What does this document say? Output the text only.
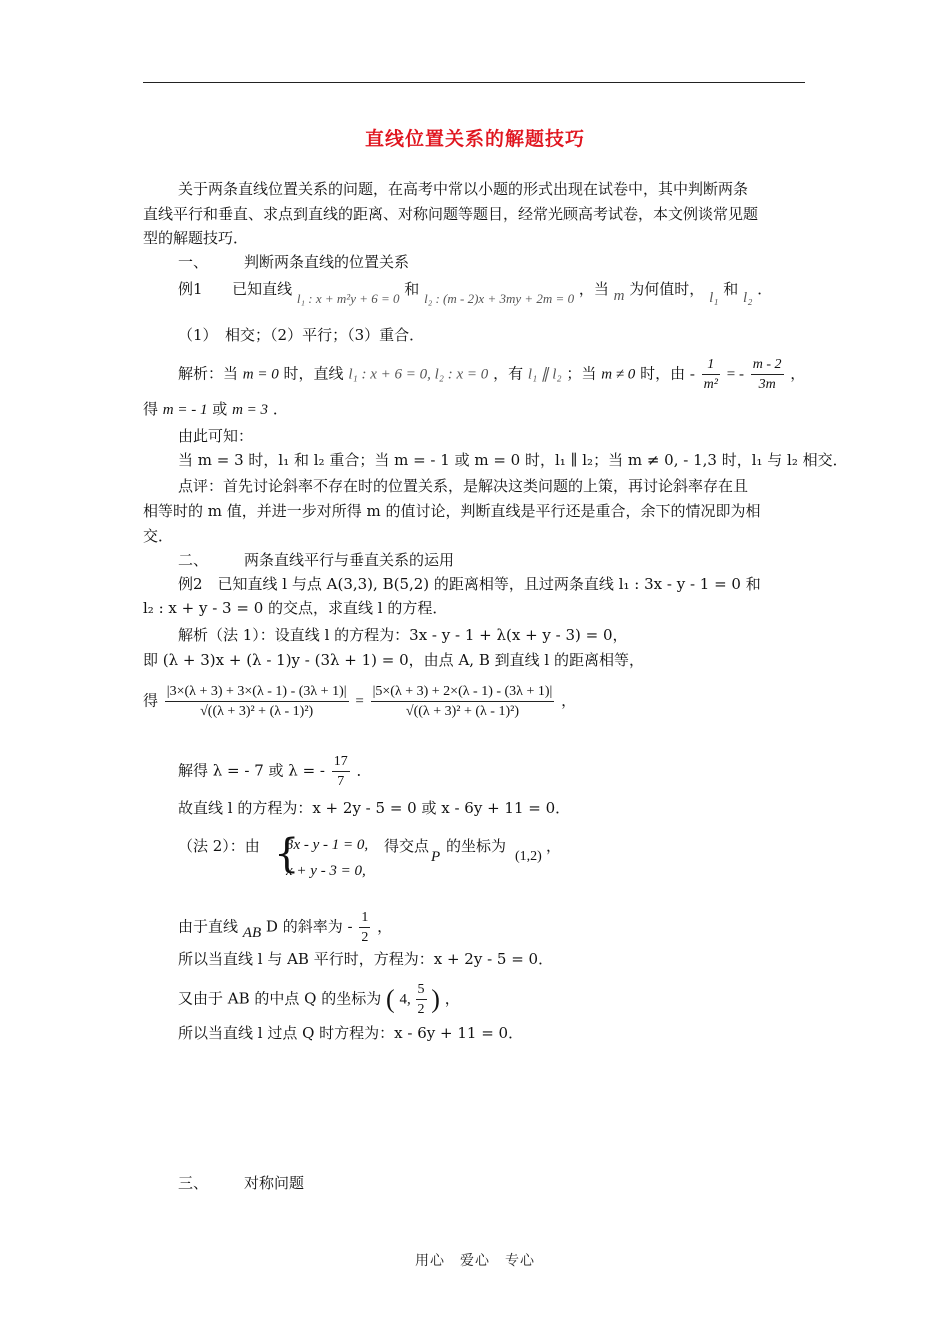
直线位置关系的解题技巧
关于两条直线位置关系的问题，在高考中常以小题的形式出现在试卷中，其中判断两条
直线平行和垂直、求点到直线的距离、对称问题等题目，经常光顾高考试卷，本文例谈常见题
型的解题技巧．
一、 判断两条直线的位置关系
例1 已知直线 l₁ : x + m²y + 6 = 0 和 l₂ : (m - 2)x + 3my + 2m = 0 ，当 m 为何值时， l₁ 和 l₂ ．
（1）　相交；（2）平行；（3）重合．
解析：当 m = 0 时，直线 l₁ : x + 6 = 0, l₂ : x = 0 ，有 l₁ ∥ l₂ ；当 m ≠ 0 时，由 - $\frac{1}{\text{m²}}$ = - $\frac{m - 2}{3m}$ ，
得 m = - 1 或 m = 3 ．
由此可知：
当 m = 3 时，l₁ 和 l₂ 重合；当 m = - 1 或 m = 0 时，l₁ ∥ l₂；当 m ≠ 0, - 1,3 时，l₁ 与 l₂ 相交．
点评：首先讨论斜率不存在时的位置关系，是解决这类问题的上策，再讨论斜率存在且
相等时的 m 值，并进一步对所得 m 的值讨论，判断直线是平行还是重合，余下的情况即为相
交．
二、 两条直线平行与垂直关系的运用
例2　已知直线 l 与点 A(3,3), B(5,2) 的距离相等，且过两条直线 l₁ : 3x - y - 1 = 0 和
l₂ : x + y - 3 = 0 的交点，求直线 l 的方程．
解析（法 1）：设直线 l 的方程为：3x - y - 1 + λ(x + y - 3) = 0，
即 (λ + 3)x + (λ - 1)y - (3λ + 1) = 0，由点 A, B 到直线 l 的距离相等，
得 $\frac{|3\times(\lambda + 3) + 3\times(\lambda - 1) - (3\lambda + 1)|}{\text{√((λ + 3)² + (λ - 1)²)}} = \frac{|5\times(\lambda + 3) + 2\times(\lambda - 1) - (3\lambda + 1)|}{\text{√((λ + 3)² + (λ - 1)²)}}$ ，
解得 λ = - 7 或 λ = - $\frac{17}{7}$ ．
故直线 l 的方程为：x + 2y - 5 = 0 或 x - 6y + 11 = 0．
（法 2）：由 {
3x - y - 1 = 0,
x + y - 3 = 0,
得交点
P
的坐标为
(1,2)
，
由于直线 AB D 的斜率为 - $\frac{1}{2}$ ，
所以当直线 l 与 AB 平行时，方程为：x + 2y - 5 = 0．
又由于 AB 的中点 Q 的坐标为 ( 4, $\frac{5}{2}$ ) ，
所以当直线 l 过点 Q 时方程为：x - 6y + 11 = 0．
三、 对称问题
用心　爱心　专心
